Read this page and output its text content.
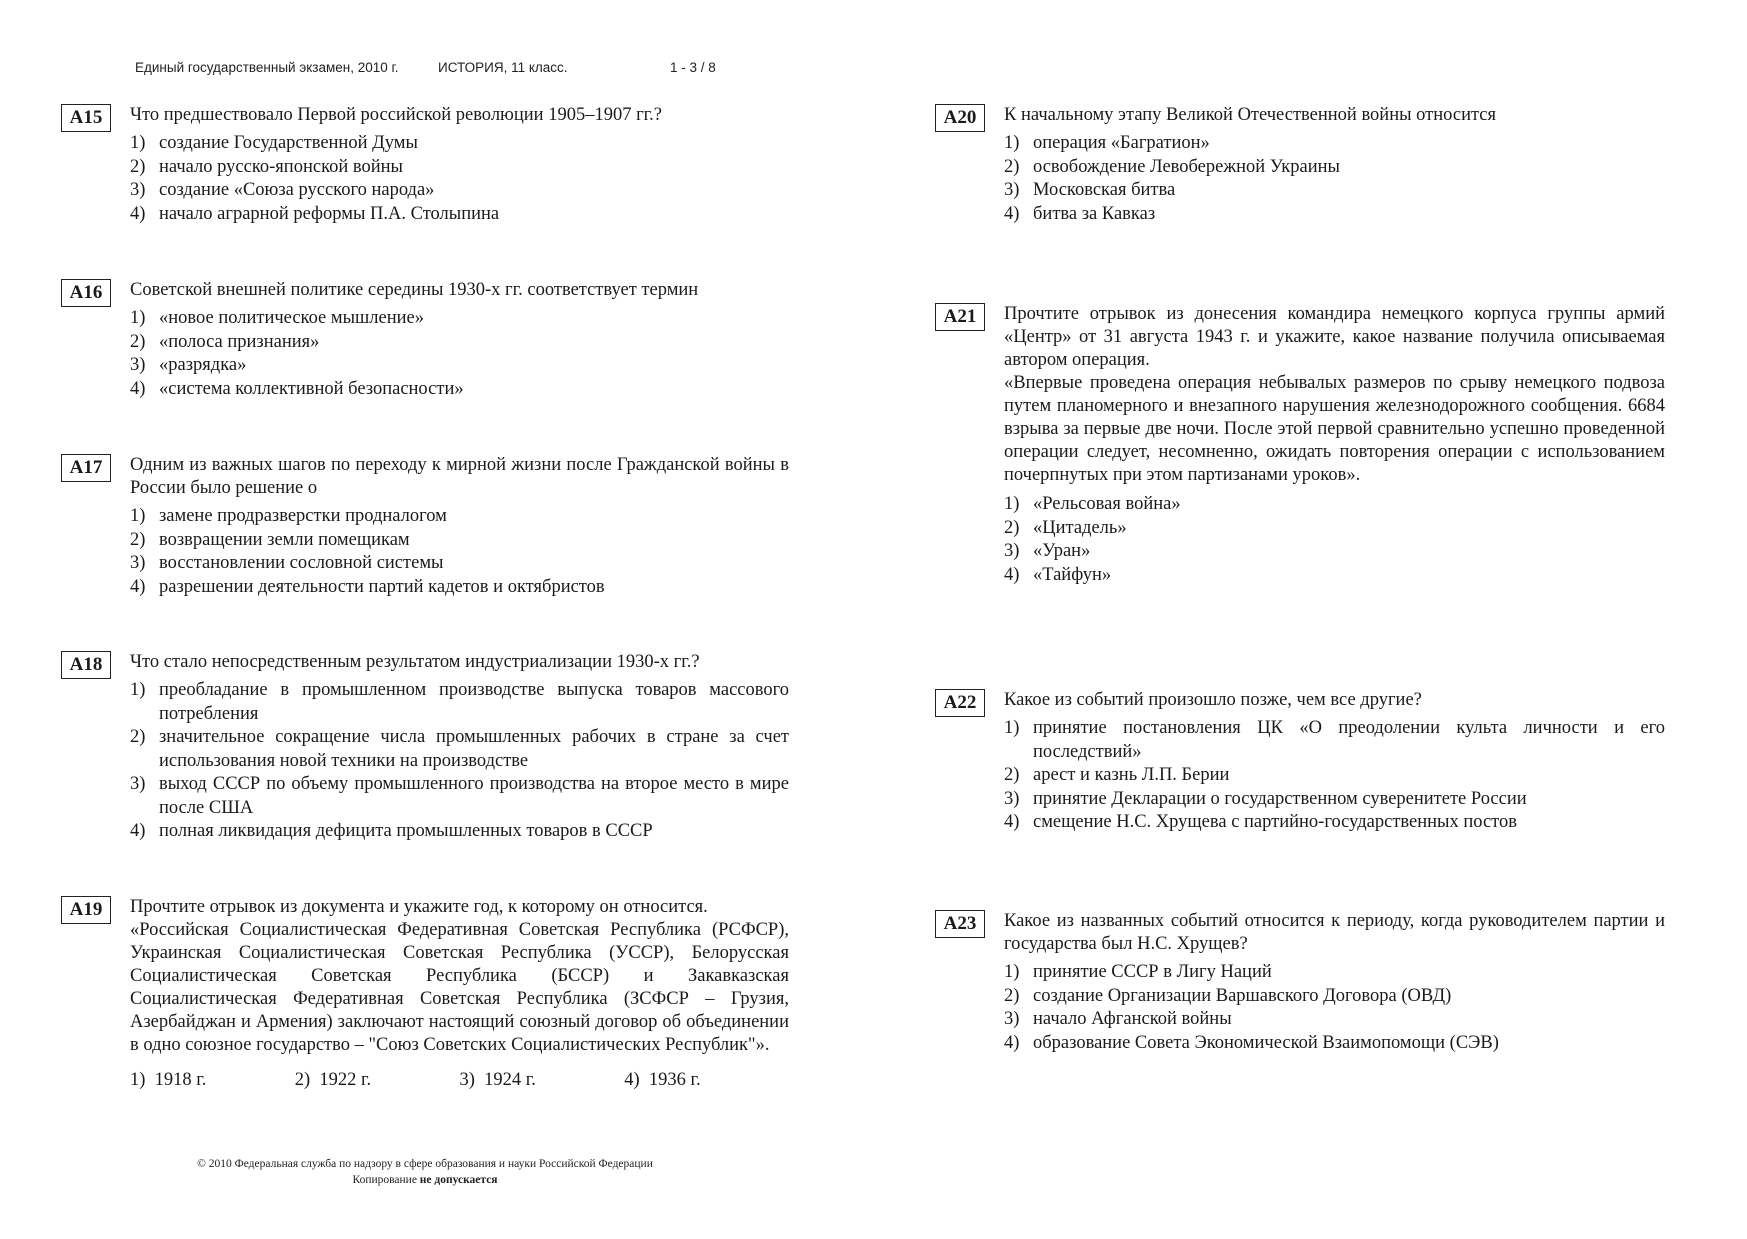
Единый государственный экзамен, 2010 г.	ИСТОРИЯ, 11 класс.	1 - 3 / 8
A15	Что предшествовало Первой российской революции 1905–1907 гг.?

1) создание Государственной Думы
2) начало русско-японской войны
3) создание «Союза русского народа»
4) начало аграрной реформы П.А. Столыпина
A16	Советской внешней политике середины 1930-х гг. соответствует термин

1) «новое политическое мышление»
2) «полоса признания»
3) «разрядка»
4) «система коллективной безопасности»
A17	Одним из важных шагов по переходу к мирной жизни после Гражданской войны в России было решение о

1) замене продразверстки продналогом
2) возвращении земли помещикам
3) восстановлении сословной системы
4) разрешении деятельности партий кадетов и октябристов
A18	Что стало непосредственным результатом индустриализации 1930-х гг.?

1) преобладание в промышленном производстве выпуска товаров массового потребления
2) значительное сокращение числа промышленных рабочих в стране за счет использования новой техники на производстве
3) выход СССР по объему промышленного производства на второе место в мире после США
4) полная ликвидация дефицита промышленных товаров в СССР
A19	Прочтите отрывок из документа и укажите год, к которому он относится.

«Российская Социалистическая Федеративная Советская Республика (РСФСР), Украинская Социалистическая Советская Республика (УССР), Белорусская Социалистическая Советская Республика (БССР) и Закавказская Социалистическая Федеративная Советская Республика (ЗСФСР – Грузия, Азербайджан и Армения) заключают настоящий союзный договор об объединении в одно союзное государство – "Союз Советских Социалистических Республик"».

1) 1918 г.	2) 1922 г.	3) 1924 г.	4) 1936 г.
A20	К начальному этапу Великой Отечественной войны относится

1) операция «Багратион»
2) освобождение Левобережной Украины
3) Московская битва
4) битва за Кавказ
A21	Прочтите отрывок из донесения командира немецкого корпуса группы армий «Центр» от 31 августа 1943 г. и укажите, какое название получила описываемая автором операция.

«Впервые проведена операция небывалых размеров по срыву немецкого подвоза путем планомерного и внезапного нарушения железнодорожного сообщения. 6684 взрыва за первые две ночи. После этой первой сравнительно успешно проведенной операции следует, несомненно, ожидать повторения операции с использованием почерпнутых при этом партизанами уроков».

1) «Рельсовая война»
2) «Цитадель»
3) «Уран»
4) «Тайфун»
A22	Какое из событий произошло позже, чем все другие?

1) принятие постановления ЦК «О преодолении культа личности и его последствий»
2) арест и казнь Л.П. Берии
3) принятие Декларации о государственном суверенитете России
4) смещение Н.С. Хрущева с партийно-государственных постов
A23	Какое из названных событий относится к периоду, когда руководителем партии и государства был Н.С. Хрущев?

1) принятие СССР в Лигу Наций
2) создание Организации Варшавского Договора (ОВД)
3) начало Афганской войны
4) образование Совета Экономической Взаимопомощи (СЭВ)
© 2010 Федеральная служба по надзору в сфере образования и науки Российской Федерации
Копирование не допускается
